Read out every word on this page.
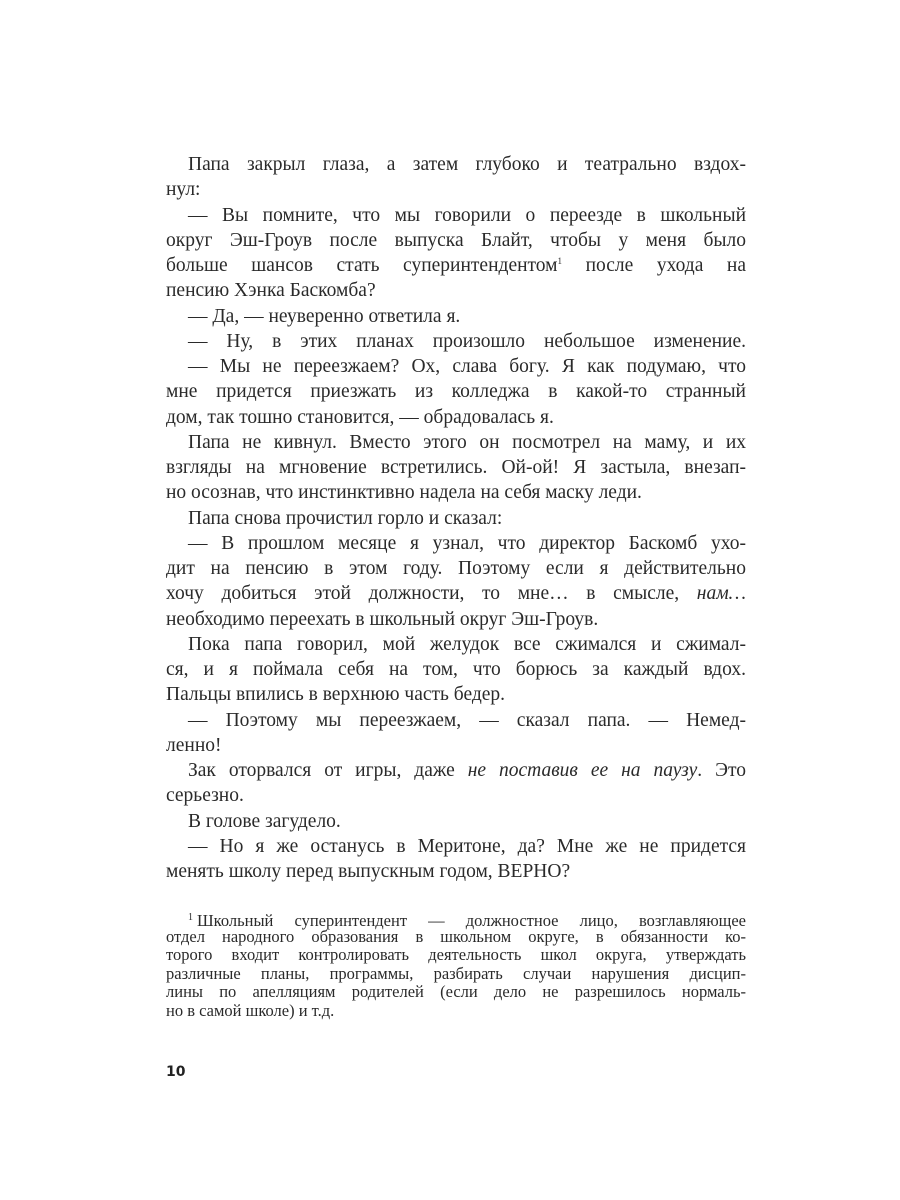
Папа закрыл глаза, а затем глубоко и театрально вздох-
нул:
— Вы помните, что мы говорили о переезде в школьный
округ Эш-Гроув после выпуска Блайт, чтобы у меня было
больше шансов стать суперинтендентом$^1$ после ухода на
пенсию Хэнка Баскомба?
— Да, — неуверенно ответила я.
— Ну, в этих планах произошло небольшое изменение.
— Мы не переезжаем? Ох, слава богу. Я как подумаю, что
мне придется приезжать из колледжа в какой-то странный
дом, так тошно становится, — обрадовалась я.
Папа не кивнул. Вместо этого он посмотрел на маму, и их
взгляды на мгновение встретились. Ой-ой! Я застыла, внезап-
но осознав, что инстинктивно надела на себя маску леди.
Папа снова прочистил горло и сказал:
— В прошлом месяце я узнал, что директор Баскомб ухо-
дит на пенсию в этом году. Поэтому если я действительно
хочу добиться этой должности, то мне… в смысле, нам…
необходимо переехать в школьный округ Эш-Гроув.
Пока папа говорил, мой желудок все сжимался и сжимал-
ся, и я поймала себя на том, что борюсь за каждый вдох.
Пальцы впились в верхнюю часть бедер.
— Поэтому мы переезжаем, — сказал папа. — Немед-
ленно!
Зак оторвался от игры, даже не поставив ее на паузу. Это
серьезно.
В голове загудело.
— Но я же останусь в Меритоне, да? Мне же не придется
менять школу перед выпускным годом, ВЕРНО?
$^1$ Школьный суперинтендент — должностное лицо, возглавляющее
отдел народного образования в школьном округе, в обязанности ко-
торого входит контролировать деятельность школ округа, утверждать
различные планы, программы, разбирать случаи нарушения дисцип-
лины по апелляциям родителей (если дело не разрешилось нормаль-
но в самой школе) и т.д.
10
